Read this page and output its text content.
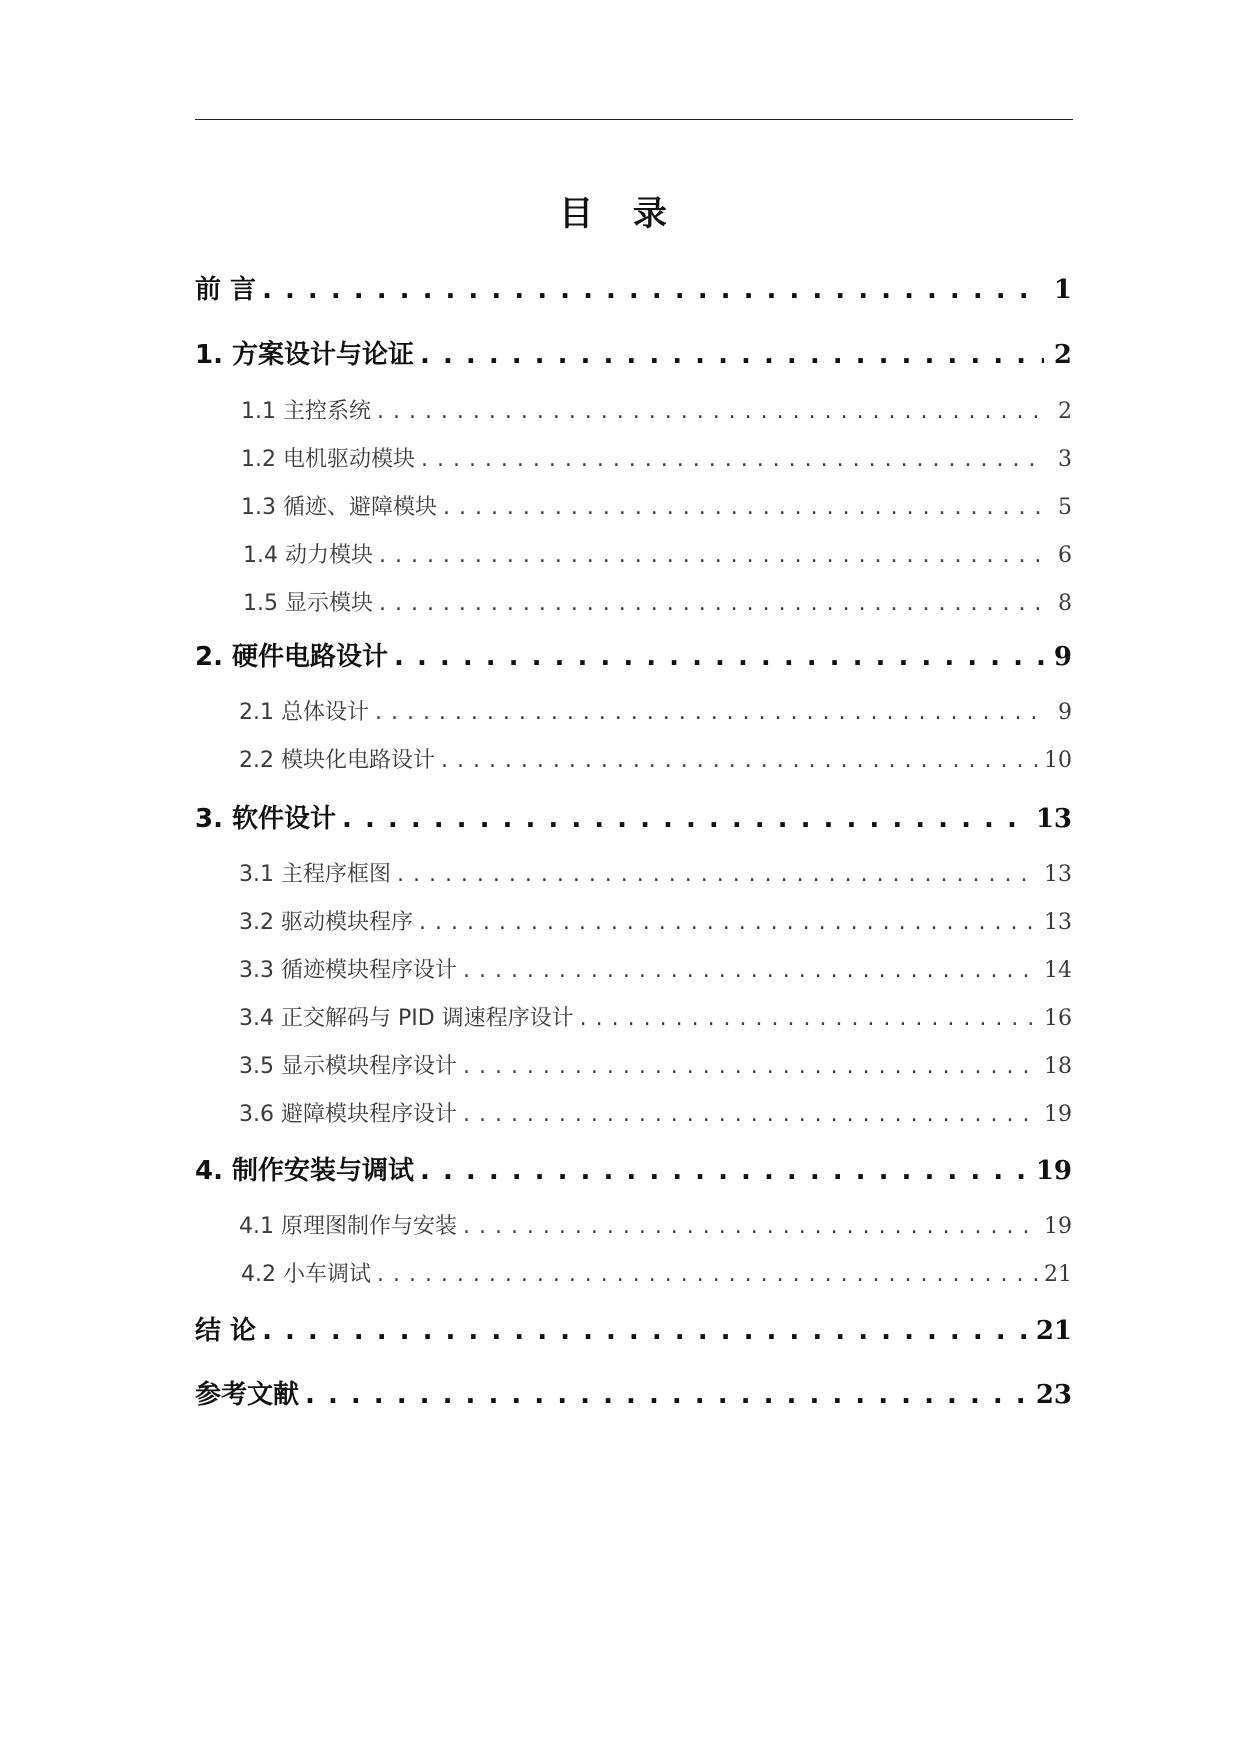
目 录
前 言 . . .	1
1. 方案设计与论证 . . .	2
1.1 主控系统 . . .	2
1.2 电机驱动模块 . . .	3
1.3 循迹、避障模块 . . .	5
1.4 动力模块 . . .	6
1.5 显示模块 . . .	8
2. 硬件电路设计 . . .	9
2.1 总体设计 . . .	9
2.2 模块化电路设计 . . .	10
3. 软件设计 . . .	13
3.1 主程序框图 . . .	13
3.2 驱动模块程序 . . .	13
3.3 循迹模块程序设计 . . .	14
3.4 正交解码与 PID 调速程序设计 . . .	16
3.5 显示模块程序设计 . . .	18
3.6 避障模块程序设计 . . .	19
4. 制作安装与调试 . . .	19
4.1 原理图制作与安装 . . .	19
4.2 小车调试 . . .	21
结 论 . . .	21
参考文献 . . .	23
